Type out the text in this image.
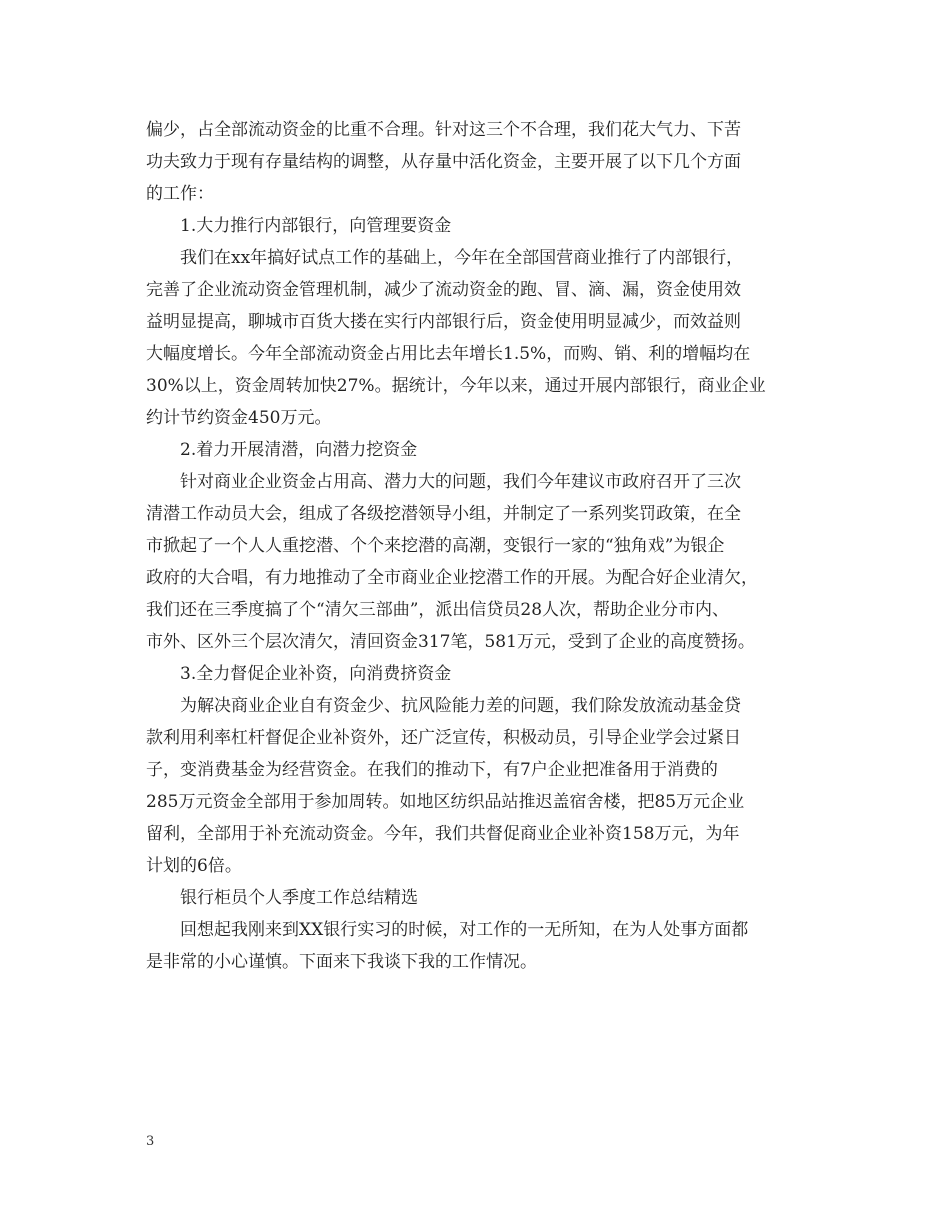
偏少，占全部流动资金的比重不合理。针对这三个不合理，我们花大气力、下苦
功夫致力于现有存量结构的调整，从存量中活化资金，主要开展了以下几个方面
的工作：

1.大力推行内部银行，向管理要资金

我们在xx年搞好试点工作的基础上，今年在全部国营商业推行了内部银行，
完善了企业流动资金管理机制，减少了流动资金的跑、冒、滴、漏，资金使用效
益明显提高，聊城市百货大搂在实行内部银行后，资金使用明显减少，而效益则
大幅度增长。今年全部流动资金占用比去年增长1.5%，而购、销、利的增幅均在
30%以上，资金周转加快27%。据统计，今年以来，通过开展内部银行，商业企业
约计节约资金450万元。

2.着力开展清潜，向潜力挖资金

针对商业企业资金占用高、潜力大的问题，我们今年建议市政府召开了三次
清潜工作动员大会，组成了各级挖潜领导小组，并制定了一系列奖罚政策，在全
市掀起了一个人人重挖潜、个个来挖潜的高潮，变银行一家的“独角戏”为银企
政府的大合唱，有力地推动了全市商业企业挖潜工作的开展。为配合好企业清欠，
我们还在三季度搞了个“清欠三部曲”，派出信贷员28人次，帮助企业分市内、
市外、区外三个层次清欠，清回资金317笔，581万元，受到了企业的高度赞扬。

3.全力督促企业补资，向消费挤资金

为解决商业企业自有资金少、抗风险能力差的问题，我们除发放流动基金贷
款利用利率杠杆督促企业补资外，还广泛宣传，积极动员，引导企业学会过紧日
子，变消费基金为经营资金。在我们的推动下，有7户企业把准备用于消费的
285万元资金全部用于参加周转。如地区纺织品站推迟盖宿舍楼，把85万元企业
留利，全部用于补充流动资金。今年，我们共督促商业企业补资158万元，为年
计划的6倍。

银行柜员个人季度工作总结精选

回想起我刚来到XX银行实习的时候，对工作的一无所知，在为人处事方面都
是非常的小心谨慎。下面来下我谈下我的工作情况。

3
